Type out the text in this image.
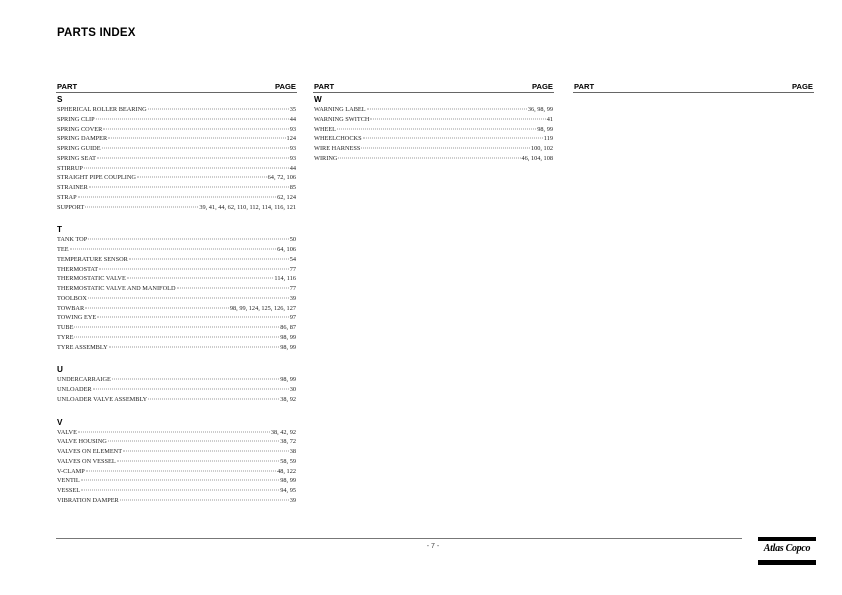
PARTS INDEX
PART	PAGE
S
SPHERICAL ROLLER BEARING	35
SPRING CLIP	44
SPRING COVER	93
SPRING DAMPER	124
SPRING GUIDE	93
SPRING SEAT	93
STIRRUP	44
STRAIGHT PIPE COUPLING	64, 72, 106
STRAINER	85
STRAP	62, 124
SUPPORT	39, 41, 44, 62, 110, 112, 114, 116, 121
T
TANK TOP	50
TEE	64, 106
TEMPERATURE SENSOR	54
THERMOSTAT	77
THERMOSTATIC VALVE	114, 116
THERMOSTATIC VALVE AND MANIFOLD	77
TOOLBOX	39
TOWBAR	98, 99, 124, 125, 126, 127
TOWING EYE	97
TUBE	86, 87
TYRE	98, 99
TYRE ASSEMBLY	98, 99
U
UNDERCARRAIGE	98, 99
UNLOADER	30
UNLOADER VALVE ASSEMBLY	38, 92
V
VALVE	38, 42, 92
VALVE HOUSING	38, 72
VALVES ON ELEMENT	38
VALVES ON VESSEL	58, 59
V-CLAMP	48, 122
VENTIL	98, 99
VESSEL	94, 95
VIBRATION DAMPER	39
PART	PAGE
W
WARNING LABEL	36, 98, 99
WARNING SWITCH	41
WHEEL	98, 99
WHEELCHOCKS	119
WIRE HARNESS	100, 102
WIRING	46, 104, 108
PART	PAGE
- 7 -	Atlas Copco
